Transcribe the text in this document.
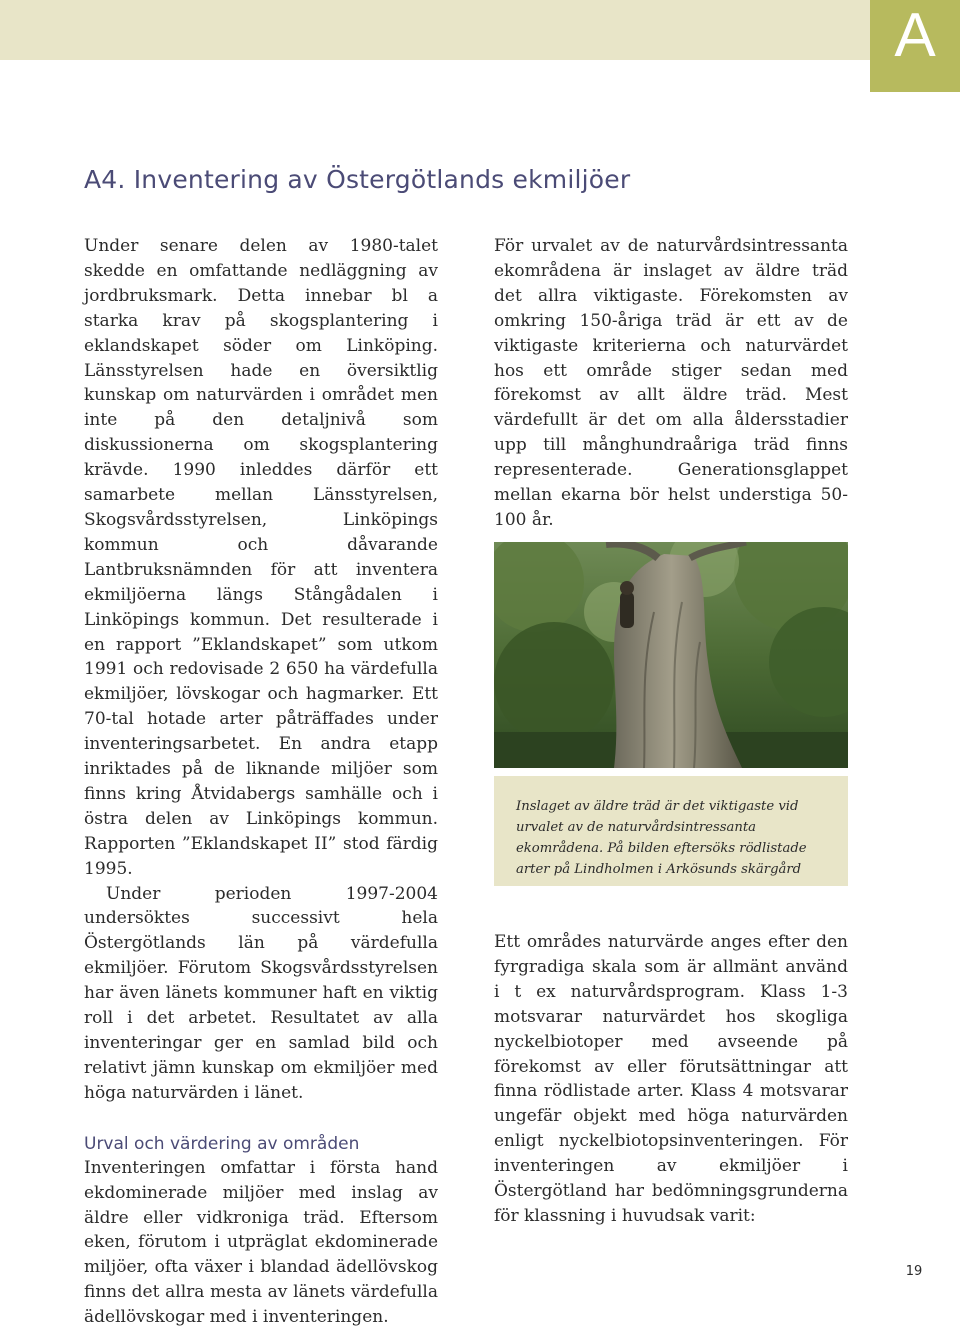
A
A4. Inventering av Östergötlands ekmiljöer

Under senare delen av 1980-talet skedde en omfattande nedläggning av jordbruksmark. Detta innebar bl a starka krav på skogsplantering i eklandskapet söder om Linköping. Länsstyrelsen hade en översiktlig kunskap om naturvärden i området men inte på den detaljnivå som diskussionerna om skogsplantering krävde. 1990 inleddes därför ett samarbete mellan Länsstyrelsen, Skogsvårdsstyrelsen, Linköpings kommun och dåvarande Lantbruksnämnden för att inventera ekmiljöerna längs Stångådalen i Linköpings kommun. Det resulterade i en rapport ”Eklandskapet” som utkom 1991 och redovisade 2 650 ha värdefulla ekmiljöer, lövskogar och hagmarker. Ett 70-tal hotade arter påträffades under inventeringsarbetet. En andra etapp inriktades på de liknande miljöer som finns kring Åtvidabergs samhälle och i östra delen av Linköpings kommun. Rapporten ”Eklandskapet II” stod färdig 1995.

Under perioden 1997-2004 undersöktes successivt hela Östergötlands län på värdefulla ekmiljöer. Förutom Skogsvårdsstyrelsen har även länets kommuner haft en viktig roll i det arbetet. Resultatet av alla inventeringar ger en samlad bild och relativt jämn kunskap om ekmiljöer med höga naturvärden i länet.

Urval och värdering av områden

Inventeringen omfattar i första hand ekdominerade miljöer med inslag av äldre eller vidkroniga träd. Eftersom eken, förutom i utpräglat ekdominerade miljöer, ofta växer i blandad ädellövskog finns det allra mesta av länets värdefulla ädellövskogar med i inventeringen.

För urvalet av de naturvårdsintressanta ekområdena är inslaget av äldre träd det allra viktigaste. Förekomsten av omkring 150-åriga träd är ett av de viktigaste kriterierna och naturvärdet hos ett område stiger sedan med förekomst av allt äldre träd. Mest värdefullt är det om alla åldersstadier upp till månghundraåriga träd finns representerade. Generationsglappet mellan ekarna bör helst understiga 50-100 år.

Inslaget av äldre träd är det viktigaste vid urvalet av de naturvårdsintressanta ekområdena. På bilden eftersöks rödlistade arter på Lindholmen i Arkösunds skärgård

Ett områdes naturvärde anges efter den fyrgradiga skala som är allmänt använd i t ex naturvårdsprogram. Klass 1-3 motsvarar naturvärdet hos skogliga nyckelbiotoper med avseende på förekomst av eller förutsättningar att finna rödlistade arter. Klass 4 motsvarar ungefär objekt med höga naturvärden enligt nyckelbiotopsinventeringen. För inventeringen av ekmiljöer i Östergötland har bedömningsgrunderna för klassning i huvudsak varit:

19
